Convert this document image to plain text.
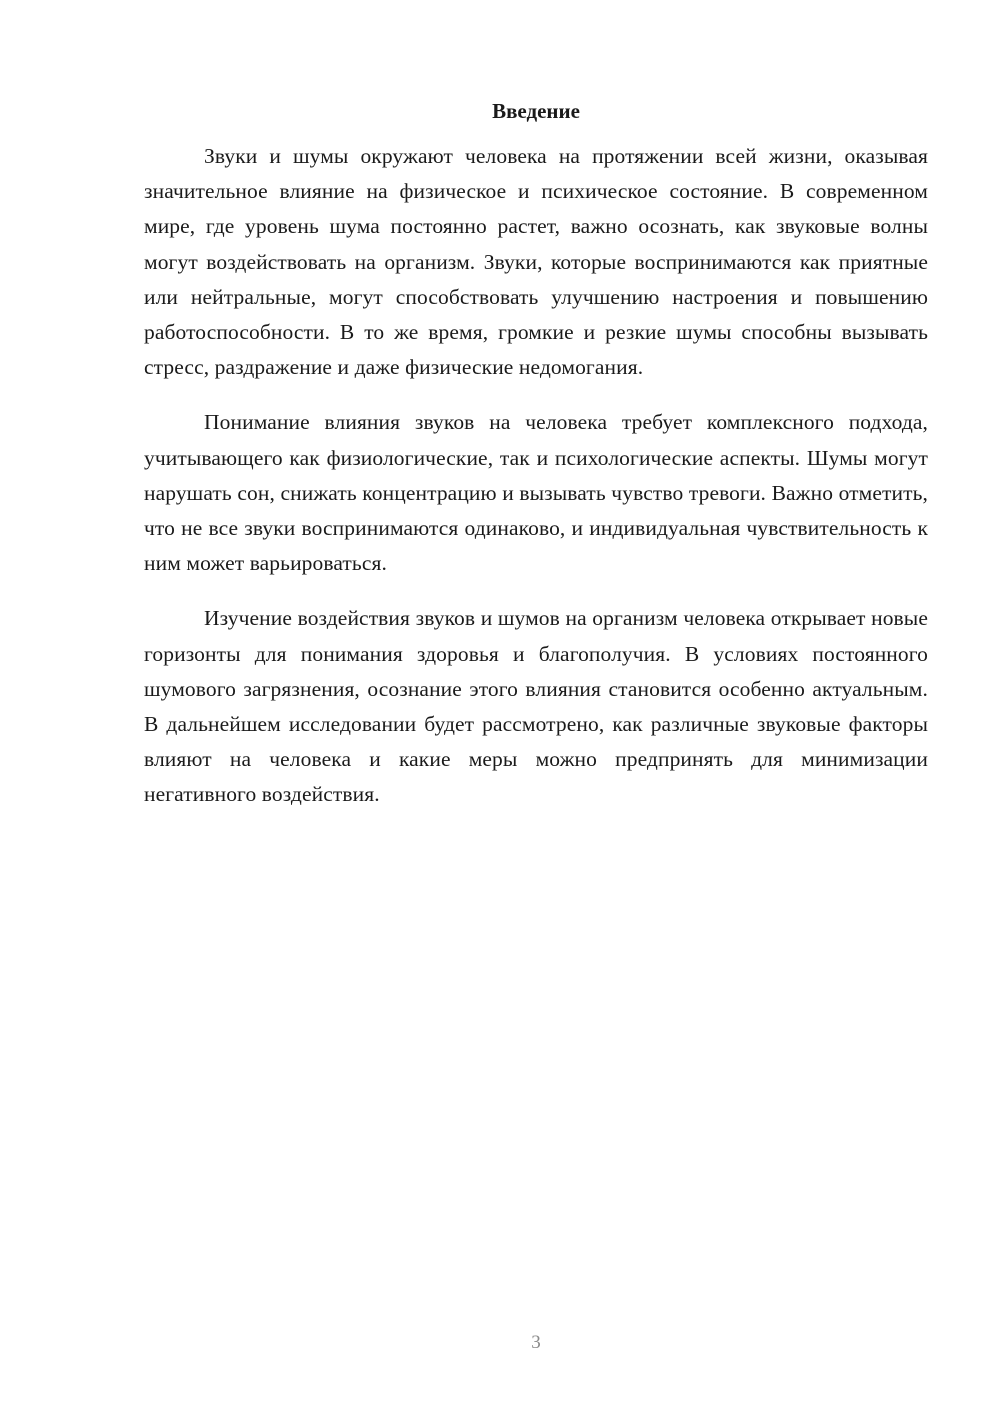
Введение

Звуки и шумы окружают человека на протяжении всей жизни, оказывая значительное влияние на физическое и психическое состояние. В современном мире, где уровень шума постоянно растет, важно осознать, как звуковые волны могут воздействовать на организм. Звуки, которые воспринимаются как приятные или нейтральные, могут способствовать улучшению настроения и повышению работоспособности. В то же время, громкие и резкие шумы способны вызывать стресс, раздражение и даже физические недомогания.

Понимание влияния звуков на человека требует комплексного подхода, учитывающего как физиологические, так и психологические аспекты. Шумы могут нарушать сон, снижать концентрацию и вызывать чувство тревоги. Важно отметить, что не все звуки воспринимаются одинаково, и индивидуальная чувствительность к ним может варьироваться.

Изучение воздействия звуков и шумов на организм человека открывает новые горизонты для понимания здоровья и благополучия. В условиях постоянного шумового загрязнения, осознание этого влияния становится особенно актуальным. В дальнейшем исследовании будет рассмотрено, как различные звуковые факторы влияют на человека и какие меры можно предпринять для минимизации негативного воздействия.

3
